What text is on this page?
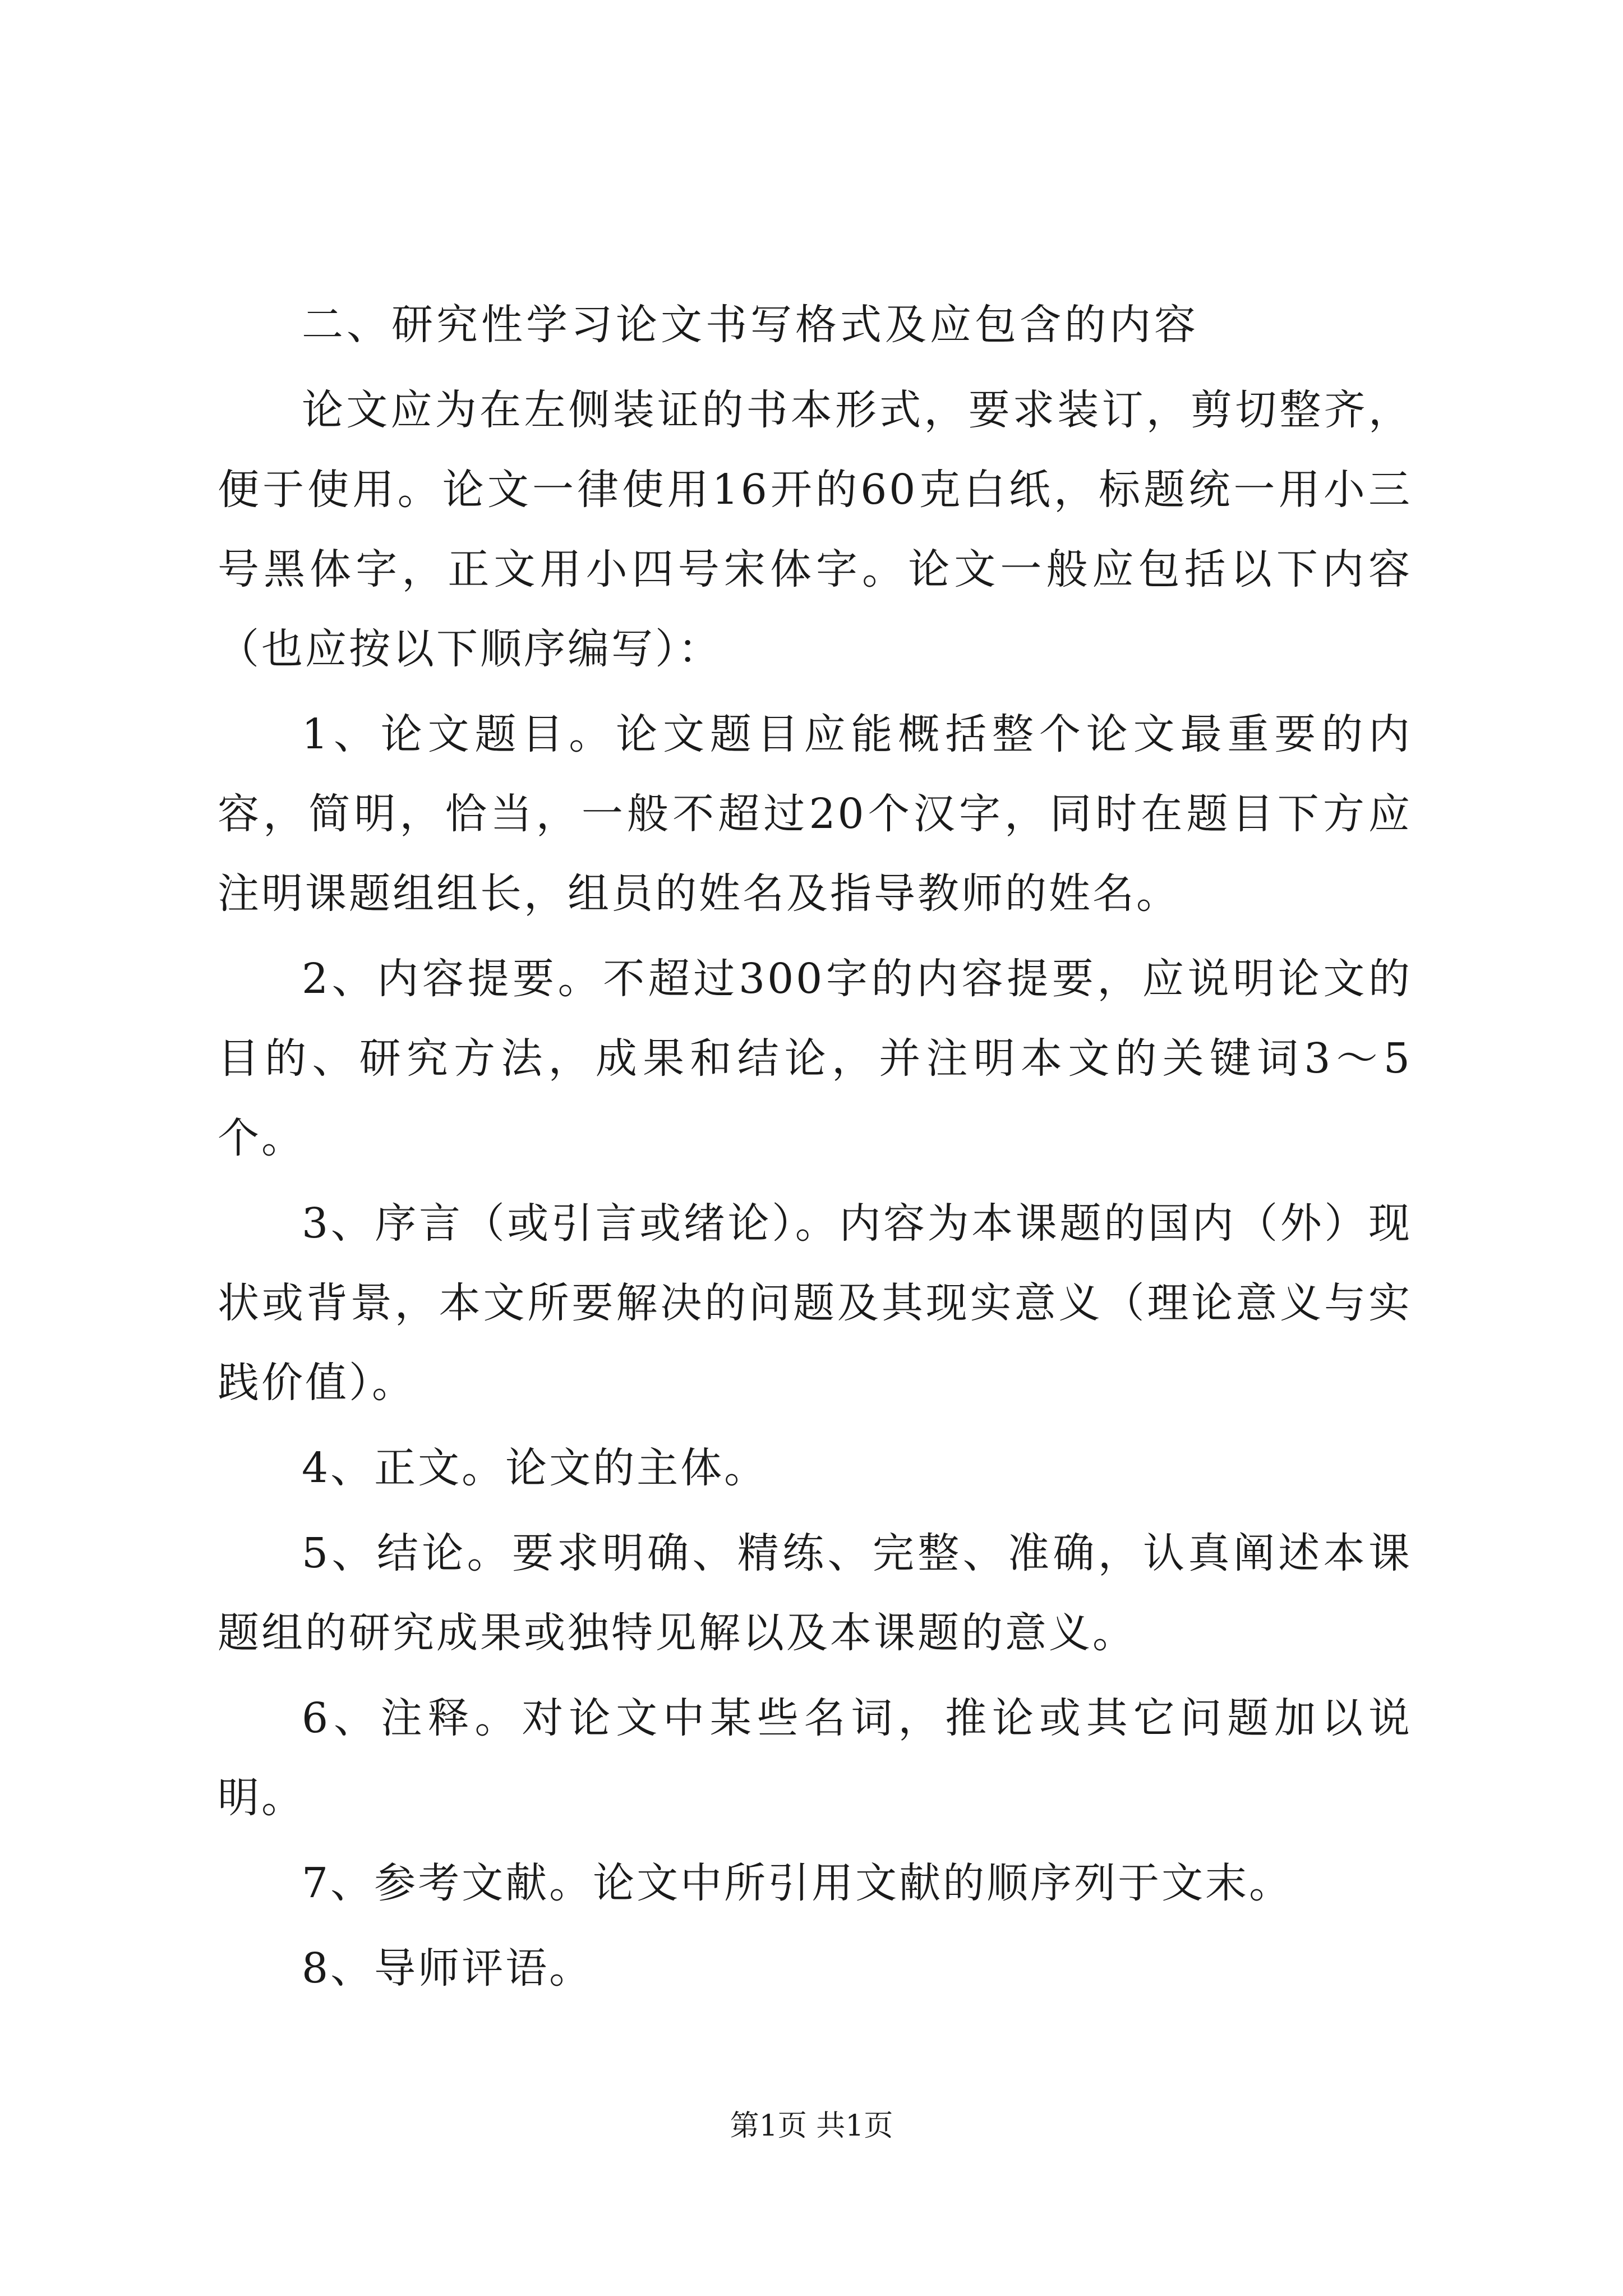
二、研究性学习论文书写格式及应包含的内容

论文应为在左侧装证的书本形式，要求装订，剪切整齐，便于使用。论文一律使用16开的60克白纸，标题统一用小三号黑体字，正文用小四号宋体字。论文一般应包括以下内容（也应按以下顺序编写）：

1、论文题目。论文题目应能概括整个论文最重要的内容，简明，恰当，一般不超过20个汉字，同时在题目下方应注明课题组组长，组员的姓名及指导教师的姓名。

2、内容提要。不超过300字的内容提要，应说明论文的目的、研究方法，成果和结论，并注明本文的关键词3～5个。

3、序言（或引言或绪论）。内容为本课题的国内（外）现状或背景，本文所要解决的问题及其现实意义（理论意义与实践价值）。

4、正文。论文的主体。

5、结论。要求明确、精练、完整、准确，认真阐述本课题组的研究成果或独特见解以及本课题的意义。

6、注释。对论文中某些名词，推论或其它问题加以说明。

7、参考文献。论文中所引用文献的顺序列于文末。

8、导师评语。

第1页 共1页
